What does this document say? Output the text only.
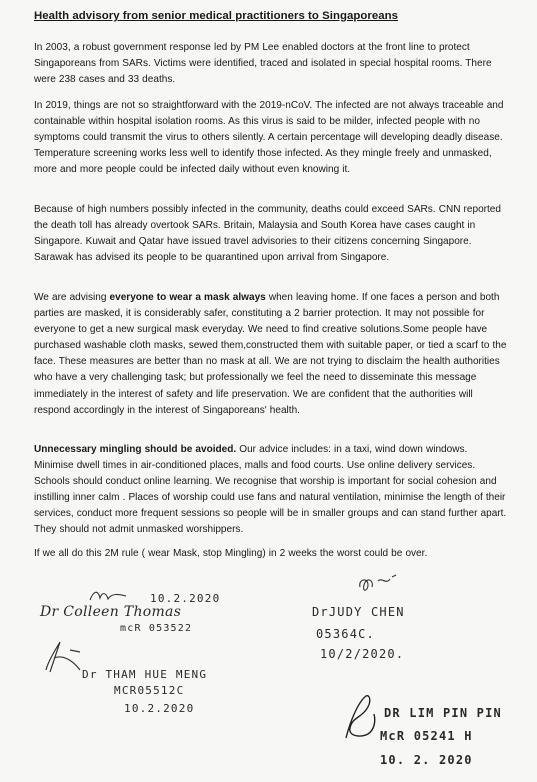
Health advisory from senior medical practitioners to Singaporeans
In 2003, a robust government response led by PM Lee enabled doctors at the front line to protect Singaporeans from SARs. Victims were identified, traced and isolated in special hospital rooms. There were 238 cases and 33 deaths.
In 2019, things are not so straightforward with the 2019-nCoV. The infected are not always traceable and containable within hospital isolation rooms. As this virus is said to be milder, infected people with no symptoms could transmit the virus to others silently. A certain percentage will developing deadly disease. Temperature screening works less well to identify those infected. As they mingle freely and unmasked, more and more people could be infected daily without even knowing it.
Because of high numbers possibly infected in the community, deaths could exceed SARs. CNN reported the death toll has already overtook SARs. Britain, Malaysia and South Korea have cases caught in Singapore. Kuwait and Qatar have issued travel advisories to their citizens concerning Singapore. Sarawak has advised its people to be quarantined upon arrival from Singapore.
We are advising everyone to wear a mask always when leaving home. If one faces a person and both parties are masked, it is considerably safer, constituting a 2 barrier protection. It may not possible for everyone to get a new surgical mask everyday. We need to find creative solutions.Some people have purchased washable cloth masks, sewed them,constructed them with suitable paper, or tied a scarf to the face. These measures are better than no mask at all. We are not trying to disclaim the health authorities who have a very challenging task; but professionally we feel the need to disseminate this message immediately in the interest of safety and life preservation. We are confident that the authorities will respond accordingly in the interest of Singaporeans' health.
Unnecessary mingling should be avoided. Our advice includes: in a taxi, wind down windows. Minimise dwell times in air-conditioned places, malls and food courts. Use online delivery services. Schools should conduct online learning. We recognise that worship is important for social cohesion and instilling inner calm . Places of worship could use fans and natural ventilation, minimise the length of their services, conduct more frequent sessions so people will be in smaller groups and can stand further apart. They should not admit unmasked worshippers.
If we all do this 2M rule ( wear Mask, stop Mingling) in 2 weeks the worst could be over.
10.2.2020
Dr Colleen Thomas
mcR 053522
DrJUDY CHEN
05364C.
10/2/2020.
Dr THAM HUE MENG
MCR05512C
10.2.2020	DR LIM PIN PIN
McR 05241 H
10. 2. 2020
